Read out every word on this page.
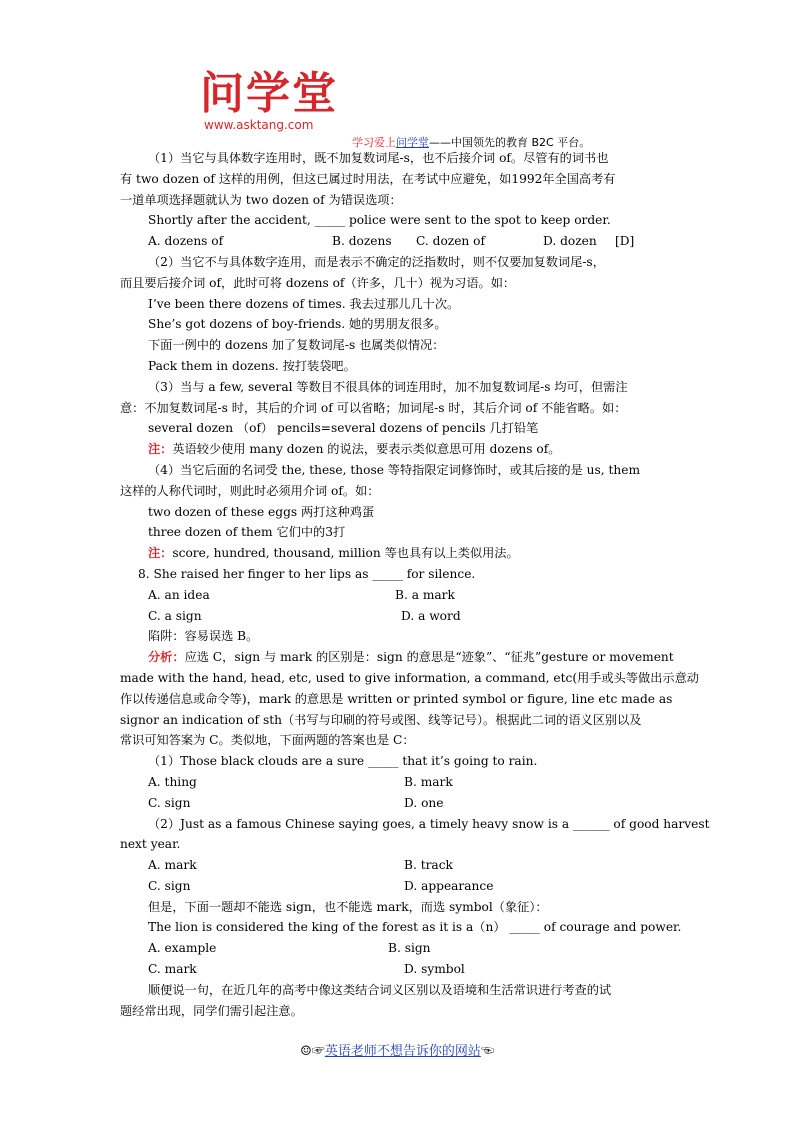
问学堂
www.asktang.com
学习爱上问学堂——中国领先的教育 B2C 平台。
（1）当它与具体数字连用时，既不加复数词尾-s，也不后接介词 of。尽管有的词书也
有 two dozen of 这样的用例，但这已属过时用法，在考试中应避免，如1992年全国高考有
一道单项选择题就认为 two dozen of 为错误选项：
Shortly after the accident, _____ police were sent to the spot to keep order.
A. dozens of	B. dozens	C. dozen of	D. dozen	[D]
（2）当它不与具体数字连用，而是表示不确定的泛指数时，则不仅要加复数词尾-s，
而且要后接介词 of，此时可将 dozens of（许多，几十）视为习语。如：
I’ve been there dozens of times. 我去过那儿几十次。
She’s got dozens of boy-friends. 她的男朋友很多。
下面一例中的 dozens 加了复数词尾-s 也属类似情况：
Pack them in dozens. 按打装袋吧。
（3）当与 a few, several 等数目不很具体的词连用时，加不加复数词尾-s 均可，但需注
意：不加复数词尾-s 时，其后的介词 of 可以省略；加词尾-s 时，其后介词 of 不能省略。如：
several dozen （of） pencils=several dozens of pencils 几打铅笔
注：英语较少使用 many dozen 的说法，要表示类似意思可用 dozens of。
（4）当它后面的名词受 the, these, those 等特指限定词修饰时，或其后接的是 us, them
这样的人称代词时，则此时必须用介词 of。如：
two dozen of these eggs 两打这种鸡蛋
three dozen of them 它们中的3打
注：score, hundred, thousand, million 等也具有以上类似用法。
8. She raised her finger to her lips as _____ for silence.
A. an idea	B. a mark
C. a sign	D. a word
陷阱：容易误选 B。
分析：应选 C，sign 与 mark 的区别是：sign 的意思是“迹象”、“征兆”gesture or movement
made with the hand, head, etc, used to give information, a command, etc(用手或头等做出示意动
作以传递信息或命令等)，mark 的意思是 written or printed symbol or figure, line etc made as
signor an indication of sth（书写与印刷的符号或图、线等记号）。根据此二词的语义区别以及
常识可知答案为 C。类似地，下面两题的答案也是 C：
（1）Those black clouds are a sure _____ that it’s going to rain.
A. thing	B. mark
C. sign	D. one
（2）Just as a famous Chinese saying goes, a timely heavy snow is a ______ of good harvest
next year.
A. mark	B. track
C. sign	D. appearance
但是，下面一题却不能选 sign，也不能选 mark，而选 symbol（象征）：
The lion is considered the king of the forest as it is a（n） _____ of courage and power.
A. example	B. sign
C. mark	D. symbol
顺便说一句，在近几年的高考中像这类结合词义区别以及语境和生活常识进行考查的试
题经常出现，同学们需引起注意。
☺☞英语老师不想告诉你的网站☜
